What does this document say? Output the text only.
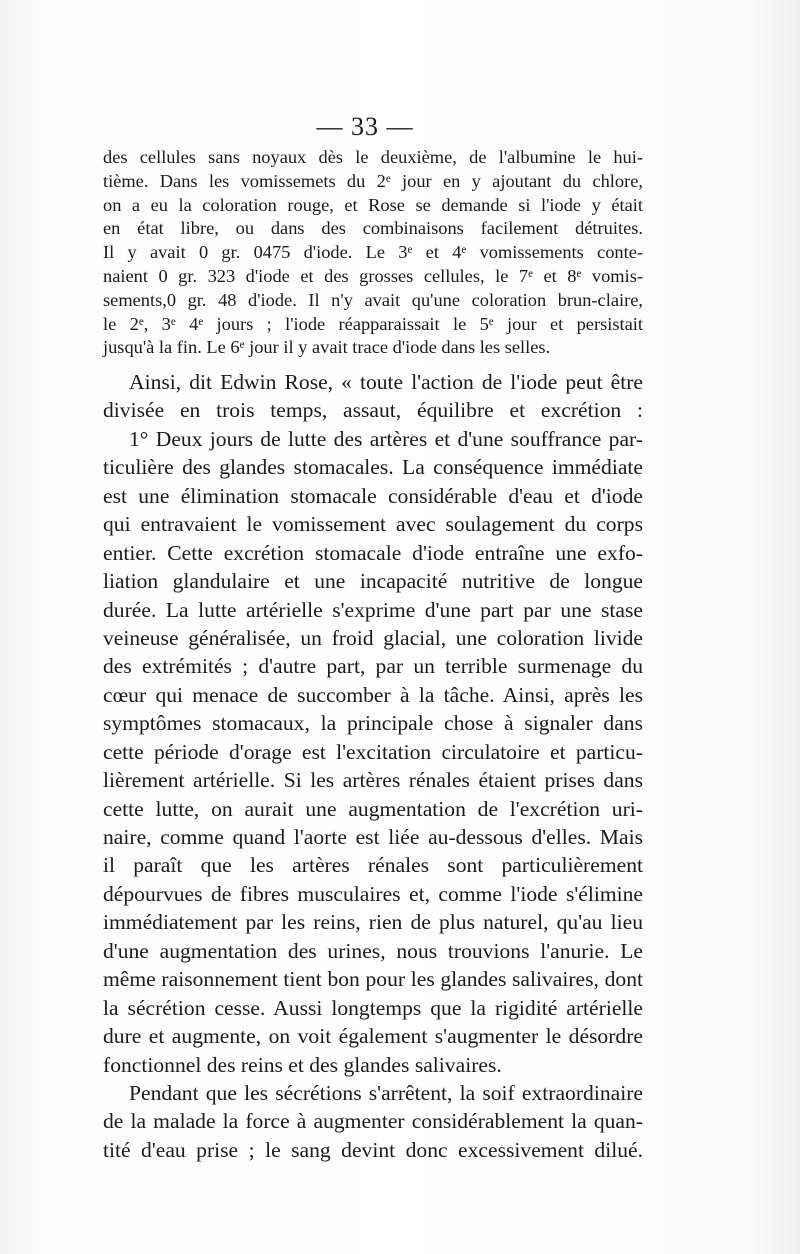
— 33 —
des cellules sans noyaux dès le deuxième, de l'albumine le hui-
tième. Dans les vomissemets du 2e jour en y ajoutant du chlore,
on a eu la coloration rouge, et Rose se demande si l'iode y était
en état libre, ou dans des combinaisons facilement détruites.
Il y avait 0 gr. 0475 d'iode. Le 3e et 4e vomissements conte-
naient 0 gr. 323 d'iode et des grosses cellules, le 7e et 8e vomis-
sements,0 gr. 48 d'iode. Il n'y avait qu'une coloration brun-claire,
le 2e, 3e 4e jours ; l'iode réapparaissait le 5e jour et persistait
jusqu'à la fin. Le 6e jour il y avait trace d'iode dans les selles.
Ainsi, dit Edwin Rose, « toute l'action de l'iode peut être
divisée en trois temps, assaut, équilibre et excrétion :
1° Deux jours de lutte des artères et d'une souffrance par-
ticulière des glandes stomacales. La conséquence immédiate
est une élimination stomacale considérable d'eau et d'iode
qui entravaient le vomissement avec soulagement du corps
entier. Cette excrétion stomacale d'iode entraîne une exfo-
liation glandulaire et une incapacité nutritive de longue
durée. La lutte artérielle s'exprime d'une part par une stase
veineuse généralisée, un froid glacial, une coloration livide
des extrémités ; d'autre part, par un terrible surmenage du
cœur qui menace de succomber à la tâche. Ainsi, après les
symptômes stomacaux, la principale chose à signaler dans
cette période d'orage est l'excitation circulatoire et particu-
lièrement artérielle. Si les artères rénales étaient prises dans
cette lutte, on aurait une augmentation de l'excrétion uri-
naire, comme quand l'aorte est liée au-dessous d'elles. Mais
il paraît que les artères rénales sont particulièrement
dépourvues de fibres musculaires et, comme l'iode s'élimine
immédiatement par les reins, rien de plus naturel, qu'au lieu
d'une augmentation des urines, nous trouvions l'anurie. Le
même raisonnement tient bon pour les glandes salivaires, dont
la sécrétion cesse. Aussi longtemps que la rigidité artérielle
dure et augmente, on voit également s'augmenter le désordre
fonctionnel des reins et des glandes salivaires.
Pendant que les sécrétions s'arrêtent, la soif extraordinaire
de la malade la force à augmenter considérablement la quan-
tité d'eau prise ; le sang devint donc excessivement dilué.
